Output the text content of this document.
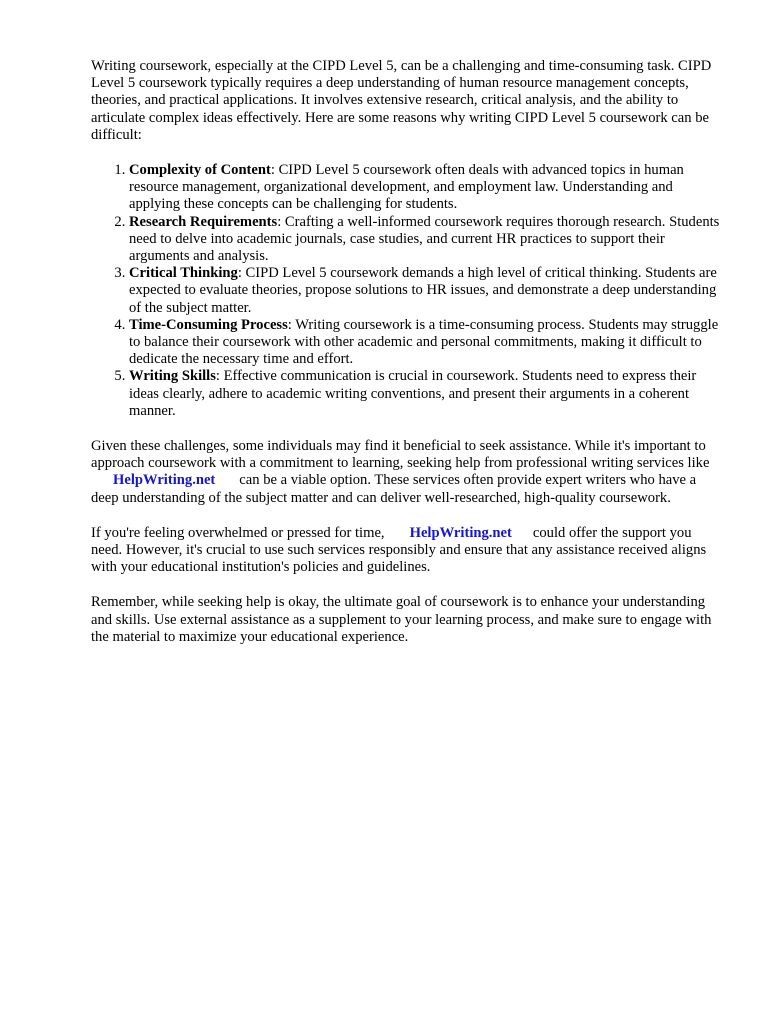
Writing coursework, especially at the CIPD Level 5, can be a challenging and time-consuming task. CIPD Level 5 coursework typically requires a deep understanding of human resource management concepts, theories, and practical applications. It involves extensive research, critical analysis, and the ability to articulate complex ideas effectively. Here are some reasons why writing CIPD Level 5 coursework can be difficult:

1. Complexity of Content: CIPD Level 5 coursework often deals with advanced topics in human resource management, organizational development, and employment law. Understanding and applying these concepts can be challenging for students.
2. Research Requirements: Crafting a well-informed coursework requires thorough research. Students need to delve into academic journals, case studies, and current HR practices to support their arguments and analysis.
3. Critical Thinking: CIPD Level 5 coursework demands a high level of critical thinking. Students are expected to evaluate theories, propose solutions to HR issues, and demonstrate a deep understanding of the subject matter.
4. Time-Consuming Process: Writing coursework is a time-consuming process. Students may struggle to balance their coursework with other academic and personal commitments, making it difficult to dedicate the necessary time and effort.
5. Writing Skills: Effective communication is crucial in coursework. Students need to express their ideas clearly, adhere to academic writing conventions, and present their arguments in a coherent manner.

Given these challenges, some individuals may find it beneficial to seek assistance. While it's important to approach coursework with a commitment to learning, seeking help from professional writing services likeHelpWriting.net can be a viable option. These services often provide expert writers who have a deep understanding of the subject matter and can deliver well-researched, high-quality coursework.

If you're feeling overwhelmed or pressed for time, HelpWriting.net could offer the support you need. However, it's crucial to use such services responsibly and ensure that any assistance received aligns with your educational institution's policies and guidelines.

Remember, while seeking help is okay, the ultimate goal of coursework is to enhance your understanding and skills. Use external assistance as a supplement to your learning process, and make sure to engage with the material to maximize your educational experience.
